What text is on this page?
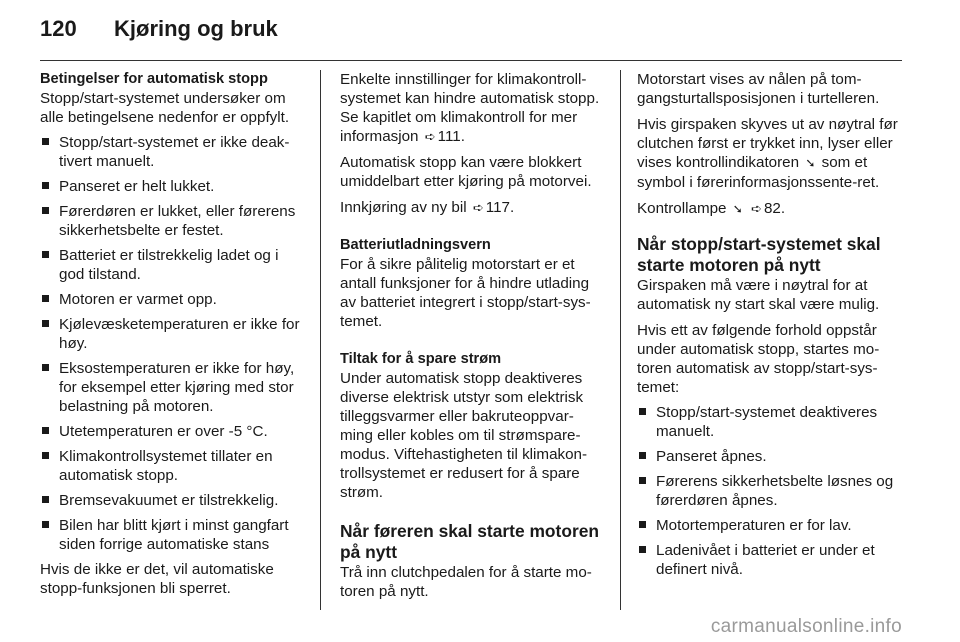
120	Kjøring og bruk
Betingelser for automatisk stopp

Stopp/start-systemet undersøker om alle betingelsene nedenfor er oppfylt.

Stopp/start-systemet er ikke deak-tivert manuelt.
Panseret er helt lukket.
Førerdøren er lukket, eller førerens sikkerhetsbelte er festet.
Batteriet er tilstrekkelig ladet og i god tilstand.
Motoren er varmet opp.
Kjølevæsketemperaturen er ikke for høy.
Eksostemperaturen er ikke for høy, for eksempel etter kjøring med stor belastning på motoren.
Utetemperaturen er over -5 °C.
Klimakontrollsystemet tillater en automatisk stopp.
Bremsevakuumet er tilstrekkelig.
Bilen har blitt kjørt i minst gangfart siden forrige automatiske stans

Hvis de ikke er det, vil automatiske stopp-funksjonen bli sperret.

Enkelte innstillinger for klimakontroll-systemet kan hindre automatisk stopp. Se kapitlet om klimakontroll for mer informasjon ➪ 111.

Automatisk stopp kan være blokkert umiddelbart etter kjøring på motorvei.

Innkjøring av ny bil ➪ 117.

Batteriutladningsvern

For å sikre pålitelig motorstart er et antall funksjoner for å hindre utlading av batteriet integrert i stopp/start-sys-temet.

Tiltak for å spare strøm

Under automatisk stopp deaktiveres diverse elektrisk utstyr som elektrisk tilleggsvarmer eller bakruteoppvar-ming eller kobles om til strømspare-modus. Viftehastigheten til klimakon-trollsystemet er redusert for å spare strøm.

Når føreren skal starte motoren på nytt

Trå inn clutchpedalen for å starte mo-toren på nytt.

Motorstart vises av nålen på tom-gangsturtallsposisjonen i turtelleren.

Hvis girspaken skyves ut av nøytral før clutchen først er trykket inn, lyser eller vises kontrollindikatoren ➘ som et symbol i førerinformasjonssente-ret.

Kontrollampe ➘ ➪ 82.

Når stopp/start-systemet skal starte motoren på nytt

Girspaken må være i nøytral for at automatisk ny start skal være mulig.

Hvis ett av følgende forhold oppstår under automatisk stopp, startes mo-toren automatisk av stopp/start-sys-temet:

Stopp/start-systemet deaktiveres manuelt.
Panseret åpnes.
Førerens sikkerhetsbelte løsnes og førerdøren åpnes.
Motortemperaturen er for lav.
Ladenivået i batteriet er under et definert nivå.
carmanualsonline.info
